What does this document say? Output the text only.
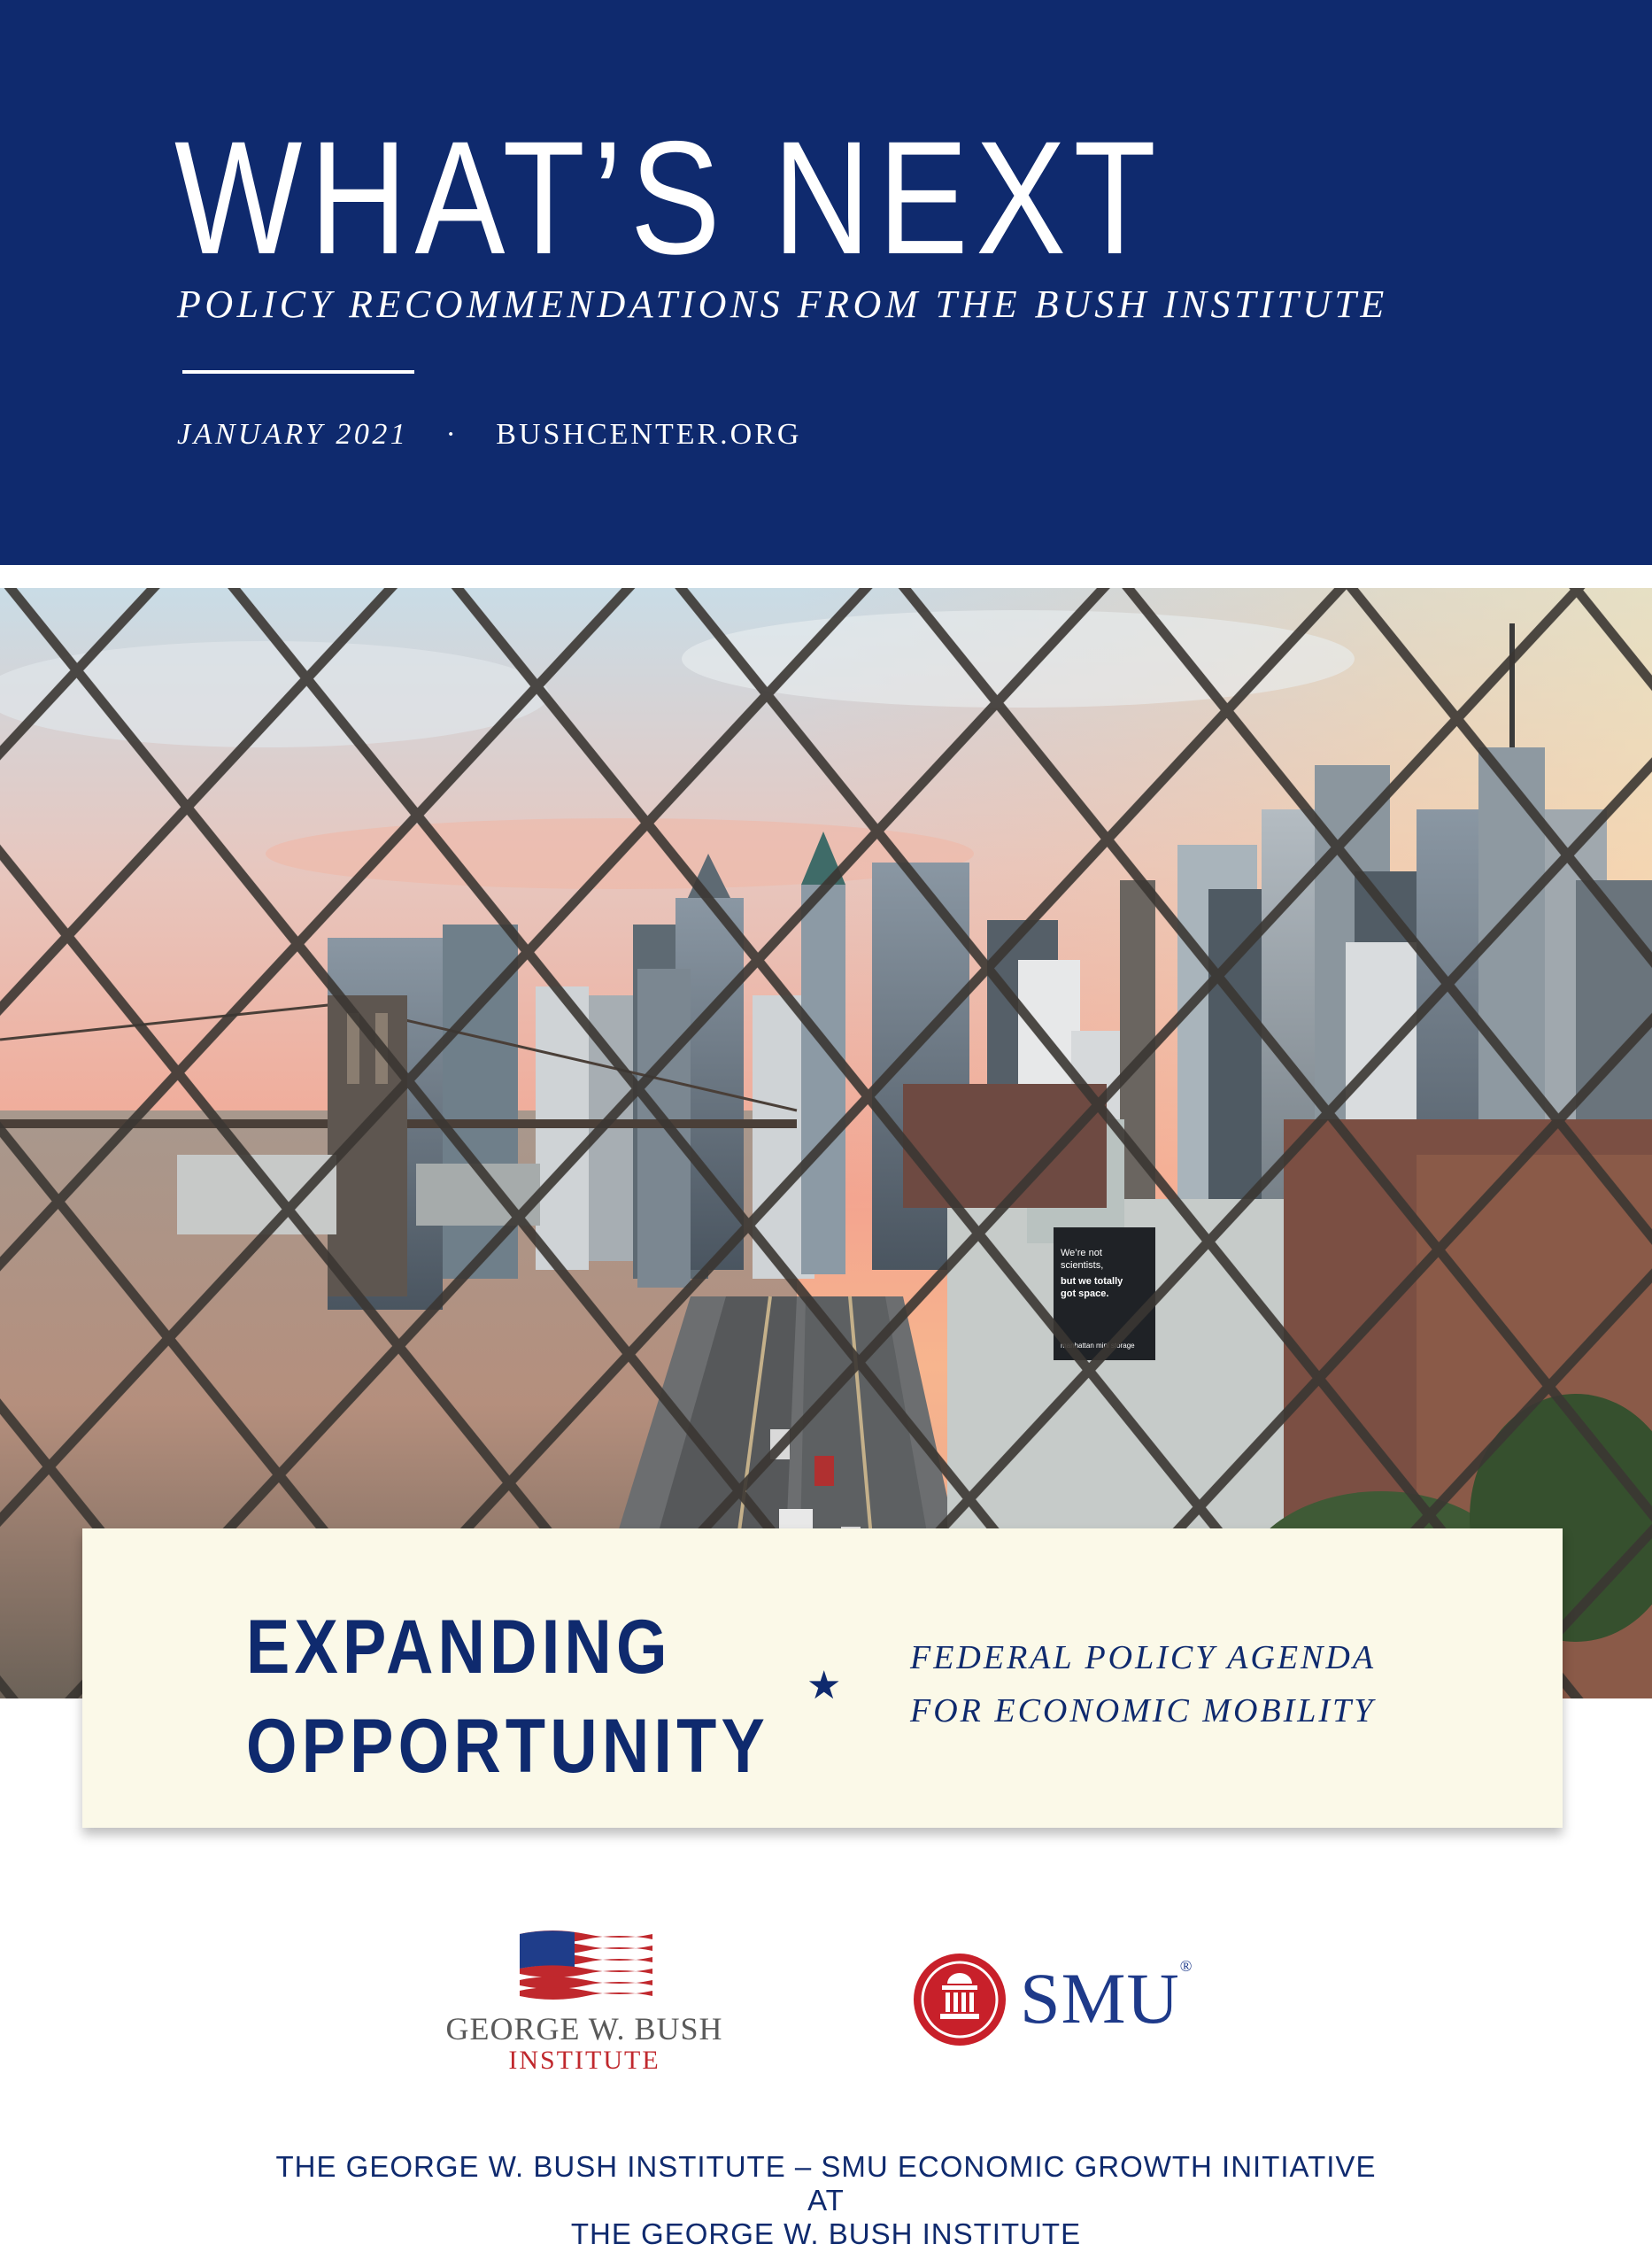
WHAT’S NEXT
POLICY RECOMMENDATIONS FROM THE BUSH INSTITUTE
JANUARY 2021 · BUSHCENTER.ORG
EXPANDING
OPPORTUNITY
★
FEDERAL POLICY AGENDA
FOR ECONOMIC MOBILITY
GEORGE W. BUSH
INSTITUTE
SMU®
THE GEORGE W. BUSH INSTITUTE – SMU ECONOMIC GROWTH INITIATIVE
AT
THE GEORGE W. BUSH INSTITUTE
